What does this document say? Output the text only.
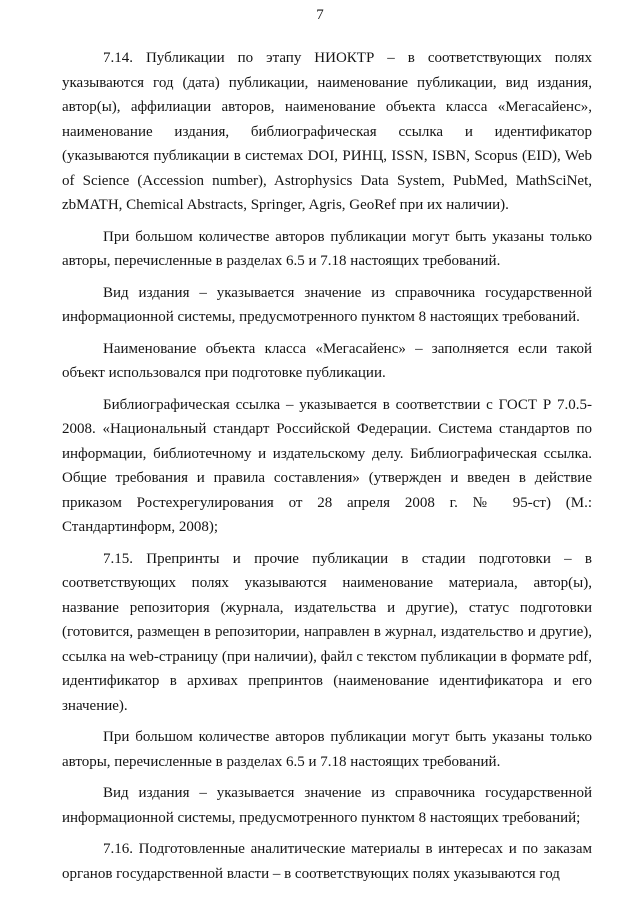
7

7.14. Публикации по этапу НИОКТР – в соответствующих полях указываются год (дата) публикации, наименование публикации, вид издания, автор(ы), аффилиации авторов, наименование объекта класса «Мегасайенс», наименование издания, библиографическая ссылка и идентификатор (указываются публикации в системах DOI, РИНЦ, ISSN, ISBN, Scopus (EID), Web of Science (Accession number), Astrophysics Data System, PubMed, MathSciNet, zbMATH, Chemical Abstracts, Springer, Agris, GeoRef при их наличии).

При большом количестве авторов публикации могут быть указаны только авторы, перечисленные в разделах 6.5 и 7.18 настоящих требований.

Вид издания – указывается значение из справочника государственной информационной системы, предусмотренного пунктом 8 настоящих требований.

Наименование объекта класса «Мегасайенс» – заполняется если такой объект использовался при подготовке публикации.

Библиографическая ссылка – указывается в соответствии с ГОСТ Р 7.0.5-2008. «Национальный стандарт Российской Федерации. Система стандартов по информации, библиотечному и издательскому делу. Библиографическая ссылка. Общие требования и правила составления» (утвержден и введен в действие приказом Ростехрегулирования от 28 апреля 2008 г. № 95-ст) (М.: Стандартинформ, 2008);

7.15. Препринты и прочие публикации в стадии подготовки – в соответствующих полях указываются наименование материала, автор(ы), название репозитория (журнала, издательства и другие), статус подготовки (готовится, размещен в репозитории, направлен в журнал, издательство и другие), ссылка на web-страницу (при наличии), файл с текстом публикации в формате pdf, идентификатор в архивах препринтов (наименование идентификатора и его значение).

При большом количестве авторов публикации могут быть указаны только авторы, перечисленные в разделах 6.5 и 7.18 настоящих требований.

Вид издания – указывается значение из справочника государственной информационной системы, предусмотренного пунктом 8 настоящих требований;

7.16. Подготовленные аналитические материалы в интересах и по заказам органов государственной власти – в соответствующих полях указываются год
